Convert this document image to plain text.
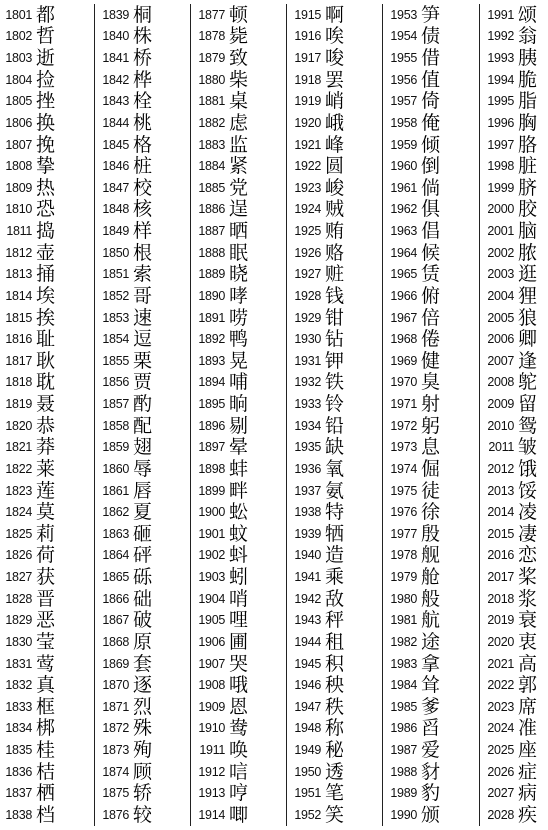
1801 都
1802 哲
1803 逝
1804 捡
1805 挫
1806 换
1807 挽
1808 挚
1809 热
1810 恐
1811 捣
1812 壶
1813 捅
1814 埃
1815 挨
1816 耻
1817 耿
1818 耽
1819 聂
1820 恭
1821 莽
1822 莱
1823 莲
1824 莫
1825 莉
1826 荷
1827 获
1828 晋
1829 恶
1830 莹
1831 莺
1832 真
1833 框
1834 梆
1835 桂
1836 桔
1837 栖
1838 档
1839 桐
1840 株
1841 桥
1842 桦
1843 栓
1844 桃
1845 格
1846 桩
1847 校
1848 核
1849 样
1850 根
1851 索
1852 哥
1853 速
1854 逗
1855 栗
1856 贾
1857 酌
1858 配
1859 翅
1860 辱
1861 唇
1862 夏
1863 砸
1864 砰
1865 砾
1866 础
1867 破
1868 原
1869 套
1870 逐
1871 烈
1872 殊
1873 殉
1874 顾
1875 轿
1876 较
1877 顿
1878 毙
1879 致
1880 柴
1881 桌
1882 虑
1883 监
1884 紧
1885 党
1886 逞
1887 晒
1888 眠
1889 晓
1890 哮
1891 唠
1892 鸭
1893 晃
1894 哺
1895 晌
1896 剔
1897 晕
1898 蚌
1899 畔
1900 蚣
1901 蚊
1902 蚪
1903 蚓
1904 哨
1905 哩
1906 圃
1907 哭
1908 哦
1909 恩
1910 鸯
1911 唤
1912 唁
1913 哼
1914 唧
1915 啊
1916 唉
1917 唆
1918 罢
1919 峭
1920 峨
1921 峰
1922 圆
1923 峻
1924 贼
1925 贿
1926 赂
1927 赃
1928 钱
1929 钳
1930 钻
1931 钾
1932 铁
1933 铃
1934 铅
1935 缺
1936 氧
1937 氨
1938 特
1939 牺
1940 造
1941 乘
1942 敌
1943 秤
1944 租
1945 积
1946 秧
1947 秩
1948 称
1949 秘
1950 透
1951 笔
1952 笑
1953 笋
1954 债
1955 借
1956 值
1957 倚
1958 俺
1959 倾
1960 倒
1961 倘
1962 俱
1963 倡
1964 候
1965 赁
1966 俯
1967 倍
1968 倦
1969 健
1970 臭
1971 射
1972 躬
1973 息
1974 倔
1975 徒
1976 徐
1977 殷
1978 舰
1979 舱
1980 般
1981 航
1982 途
1983 拿
1984 耸
1985 爹
1986 舀
1987 爱
1988 豺
1989 豹
1990 颁
1991 颂
1992 翁
1993 胰
1994 脆
1995 脂
1996 胸
1997 胳
1998 脏
1999 脐
2000 胶
2001 脑
2002 脓
2003 逛
2004 狸
2005 狼
2006 卿
2007 逢
2008 鸵
2009 留
2010 鸳
2011 皱
2012 饿
2013 馁
2014 凌
2015 凄
2016 恋
2017 桨
2018 浆
2019 衰
2020 衷
2021 高
2022 郭
2023 席
2024 准
2025 座
2026 症
2027 病
2028 疾
